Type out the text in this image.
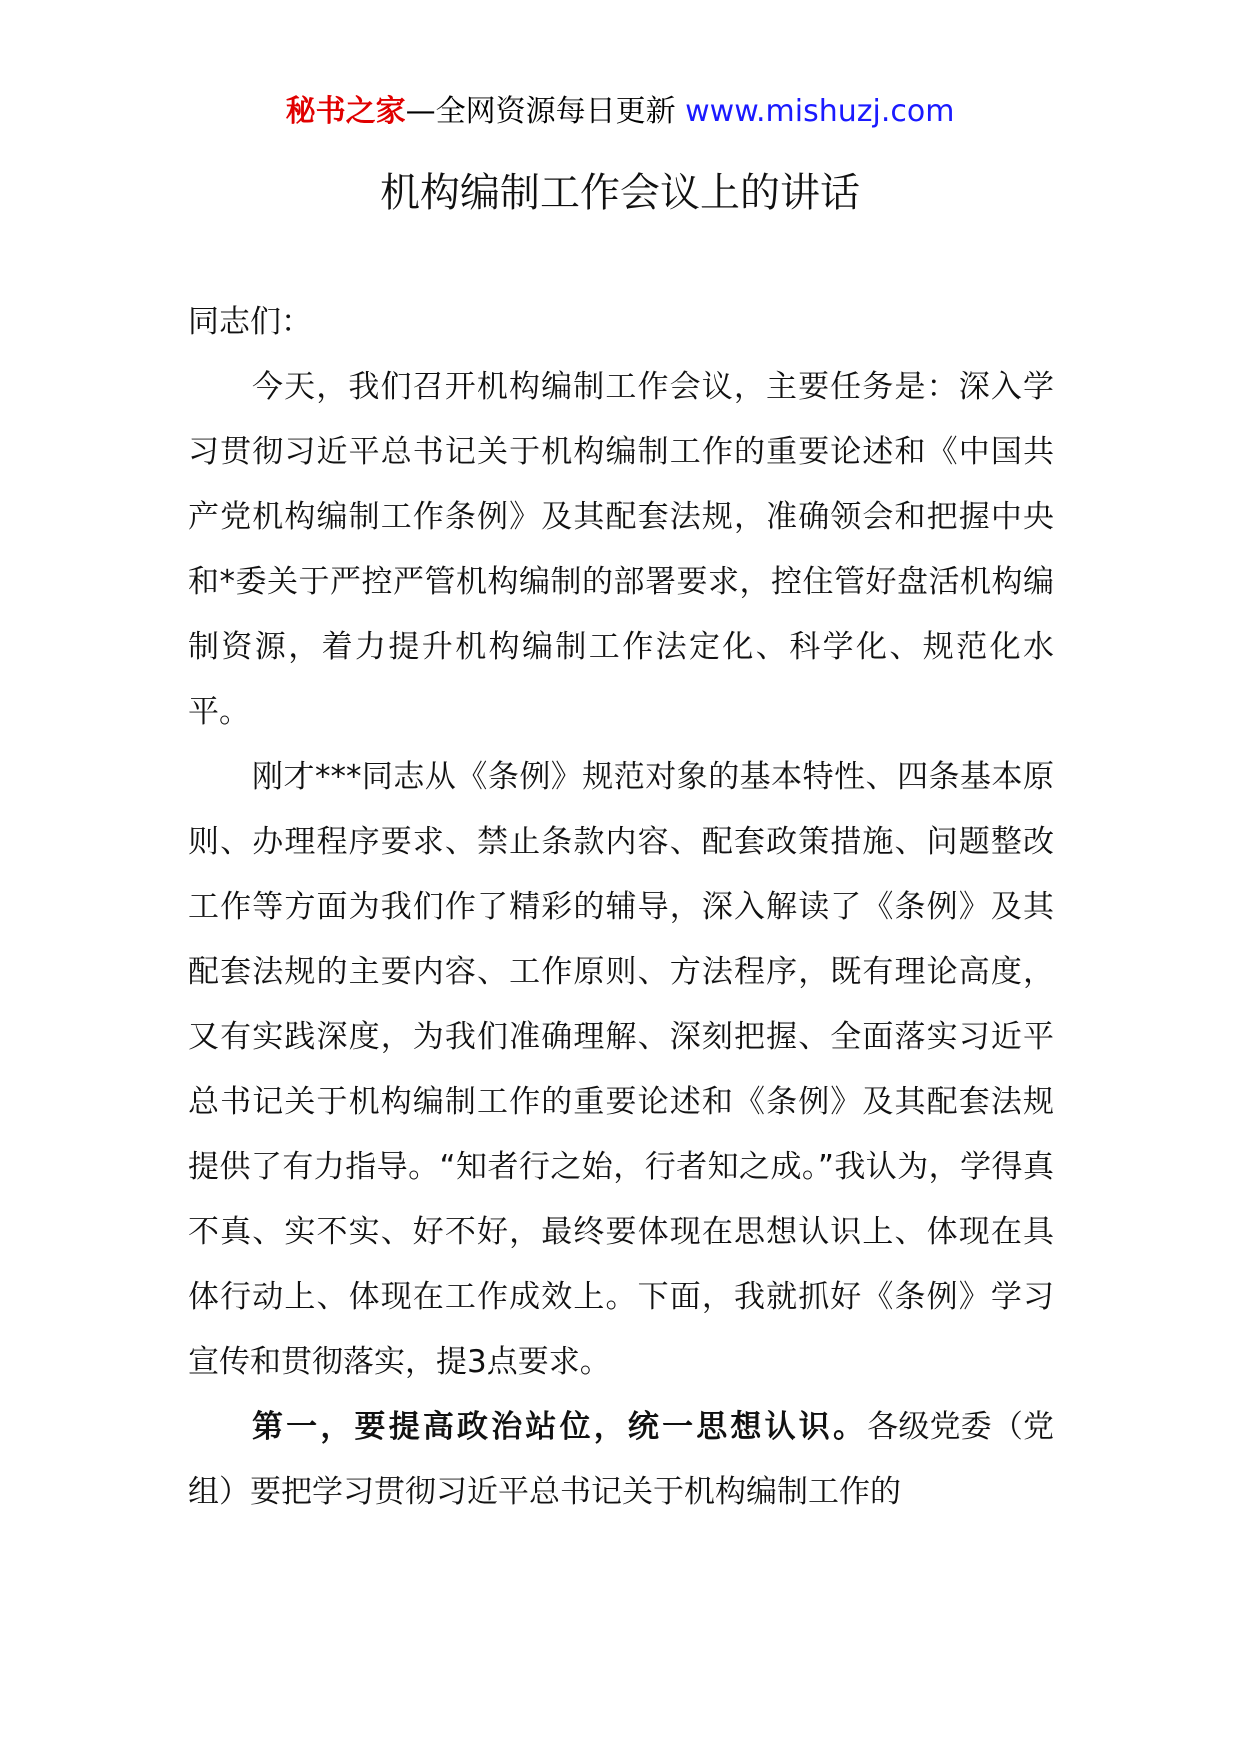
秘书之家—全网资源每日更新 www.mishuzj.com
机构编制工作会议上的讲话

同志们：

今天，我们召开机构编制工作会议，主要任务是：深入学习贯彻习近平总书记关于机构编制工作的重要论述和《中国共产党机构编制工作条例》及其配套法规，准确领会和把握中央和*委关于严控严管机构编制的部署要求，控住管好盘活机构编制资源，着力提升机构编制工作法定化、科学化、规范化水平。

刚才***同志从《条例》规范对象的基本特性、四条基本原则、办理程序要求、禁止条款内容、配套政策措施、问题整改工作等方面为我们作了精彩的辅导，深入解读了《条例》及其配套法规的主要内容、工作原则、方法程序，既有理论高度，又有实践深度，为我们准确理解、深刻把握、全面落实习近平总书记关于机构编制工作的重要论述和《条例》及其配套法规提供了有力指导。“知者行之始，行者知之成。”我认为，学得真不真、实不实、好不好，最终要体现在思想认识上、体现在具体行动上、体现在工作成效上。下面，我就抓好《条例》学习宣传和贯彻落实，提3点要求。

第一，要提高政治站位，统一思想认识。各级党委（党组）要把学习贯彻习近平总书记关于机构编制工作的
